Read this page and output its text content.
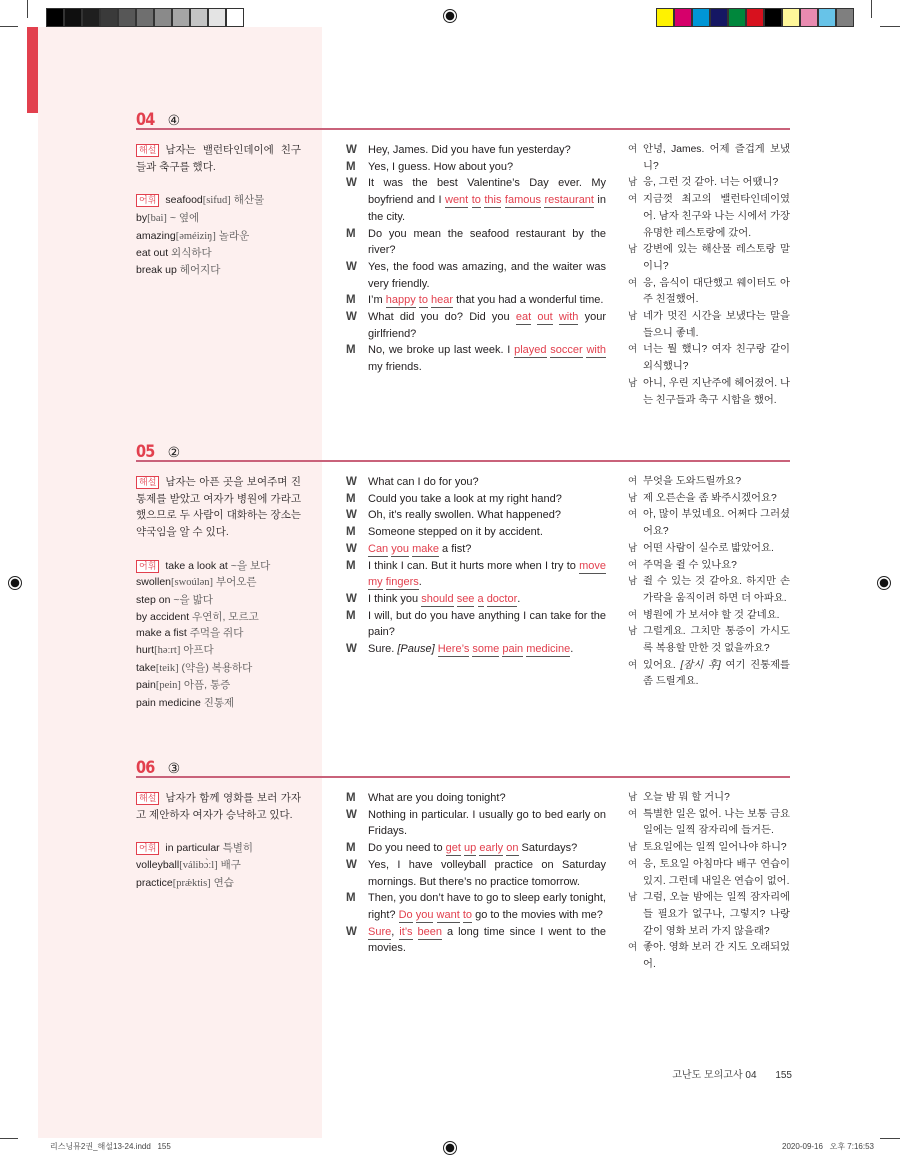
04 ④
해설 남자는 밸런타인데이에 친구들과 축구를 했다.
어휘 seafood[sifud] 해산물
by[bai] ~ 옆에
amazing[əméiziŋ] 놀라운
eat out 외식하다
break up 헤어지다
W	Hey, James. Did you have fun yesterday?
M	Yes, I guess. How about you?
W	It was the best Valentine’s Day ever. My boyfriend and I went to this famous restaurant in the city.
M	Do you mean the seafood restaurant by the river?
W	Yes, the food was amazing, and the waiter was very friendly.
M	I’m happy to hear that you had a wonderful time.
W	What did you do? Did you eat out with your girlfriend?
M	No, we broke up last week. I played soccer with my friends.
여 안녕, James. 어제 즐겁게 보냈니?
남 응, 그런 것 같아. 너는 어땠니?
여 지금껏 최고의 밸런타인데이였어. 남자 친구와 나는 시에서 가장 유명한 레스토랑에 갔어.
남 강변에 있는 해산물 레스토랑 말이니?
여 응, 음식이 대단했고 웨이터도 아주 친절했어.
남 네가 멋진 시간을 보냈다는 말을 들으니 좋네.
여 너는 뭘 했니? 여자 친구랑 같이 외식했니?
남 아니, 우린 지난주에 헤어졌어. 나는 친구들과 축구 시합을 했어.
05 ②
해설 남자는 아픈 곳을 보여주며 진통제를 받았고 여자가 병원에 가라고 했으므로 두 사람이 대화하는 장소는 약국임을 알 수 있다.
어휘 take a look at ~을 보다
swollen[swoúlən] 부어오른
step on ~을 밟다
by accident 우연히, 모르고
make a fist 주먹을 쥐다
hurt[həːrt] 아프다
take[teik] (약을) 복용하다
pain[pein] 아픔, 통증
pain medicine 진통제
W	What can I do for you?
M	Could you take a look at my right hand?
W	Oh, it’s really swollen. What happened?
M	Someone stepped on it by accident.
W	Can you make a fist?
M	I think I can. But it hurts more when I try to move my fingers.
W	I think you should see a doctor.
M	I will, but do you have anything I can take for the pain?
W	Sure. [Pause] Here’s some pain medicine.
여 무엇을 도와드릴까요?
남 제 오른손을 좀 봐주시겠어요?
여 아, 많이 부었네요. 어쩌다 그러셨어요?
남 어떤 사람이 실수로 밟았어요.
여 주먹을 쥘 수 있나요?
남 쥘 수 있는 것 같아요. 하지만 손가락을 움직이려 하면 더 아파요.
여 병원에 가 보셔야 할 것 같네요.
남 그럴게요. 그치만 통증이 가시도록 복용할 만한 것 없을까요?
여 있어요. [잠시 후] 여기 진통제를 좀 드릴게요.
06 ③
해설 남자가 함께 영화를 보러 가자고 제안하자 여자가 승낙하고 있다.
어휘 in particular 특별히
volleyball[válibɔ̀ːl] 배구
practice[prǽktis] 연습
M	What are you doing tonight?
W	Nothing in particular. I usually go to bed early on Fridays.
M	Do you need to get up early on Saturdays?
W	Yes, I have volleyball practice on Saturday mornings. But there’s no practice tomorrow.
M	Then, you don’t have to go to sleep early tonight, right? Do you want to go to the movies with me?
W	Sure, it’s been a long time since I went to the movies.
남 오늘 밤 뭐 할 거니?
여 특별한 일은 없어. 나는 보통 금요일에는 일찍 잠자리에 들거든.
남 토요일에는 일찍 일어나야 하니?
여 응, 토요일 아침마다 배구 연습이 있지. 그런데 내일은 연습이 없어.
남 그럼, 오늘 밤에는 일찍 잠자리에 들 필요가 없구나, 그렇지? 나랑 같이 영화 보러 가지 않을래?
여 좋아. 영화 보러 간 지도 오래되었어.
고난도 모의고사 04 155
리스닝뮤2권_해설13-24.indd   155	2020-09-16   오후 7:16:53
